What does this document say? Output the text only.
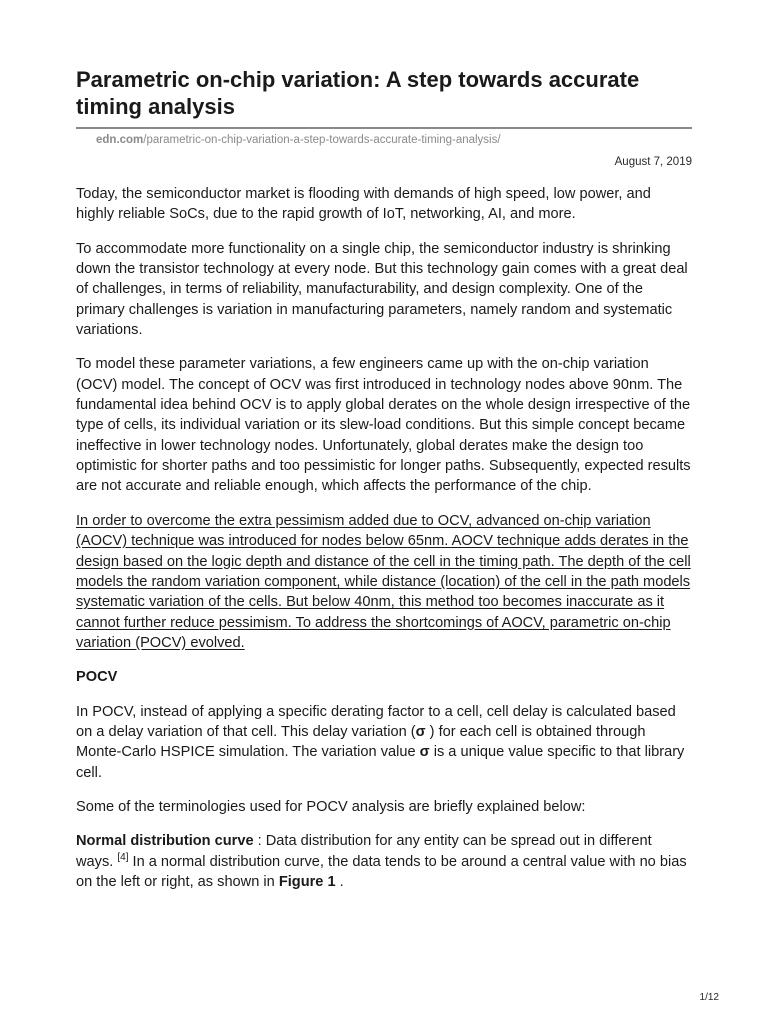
Parametric on-chip variation: A step towards accurate timing analysis
edn.com/parametric-on-chip-variation-a-step-towards-accurate-timing-analysis/
August 7, 2019

Today, the semiconductor market is flooding with demands of high speed, low power, and highly reliable SoCs, due to the rapid growth of IoT, networking, AI, and more.

To accommodate more functionality on a single chip, the semiconductor industry is shrinking down the transistor technology at every node. But this technology gain comes with a great deal of challenges, in terms of reliability, manufacturability, and design complexity. One of the primary challenges is variation in manufacturing parameters, namely random and systematic variations.

To model these parameter variations, a few engineers came up with the on-chip variation (OCV) model. The concept of OCV was first introduced in technology nodes above 90nm. The fundamental idea behind OCV is to apply global derates on the whole design irrespective of the type of cells, its individual variation or its slew-load conditions. But this simple concept became ineffective in lower technology nodes. Unfortunately, global derates make the design too optimistic for shorter paths and too pessimistic for longer paths. Subsequently, expected results are not accurate and reliable enough, which affects the performance of the chip.

In order to overcome the extra pessimism added due to OCV, advanced on-chip variation (AOCV) technique was introduced for nodes below 65nm. AOCV technique adds derates in the design based on the logic depth and distance of the cell in the timing path. The depth of the cell models the random variation component, while distance (location) of the cell in the path models systematic variation of the cells. But below 40nm, this method too becomes inaccurate as it cannot further reduce pessimism. To address the shortcomings of AOCV, parametric on-chip variation (POCV) evolved.

POCV

In POCV, instead of applying a specific derating factor to a cell, cell delay is calculated based on a delay variation of that cell. This delay variation (σ ) for each cell is obtained through Monte-Carlo HSPICE simulation. The variation value σ is a unique value specific to that library cell.

Some of the terminologies used for POCV analysis are briefly explained below:

Normal distribution curve : Data distribution for any entity can be spread out in different ways. [4] In a normal distribution curve, the data tends to be around a central value with no bias on the left or right, as shown in Figure 1 .

1/12
